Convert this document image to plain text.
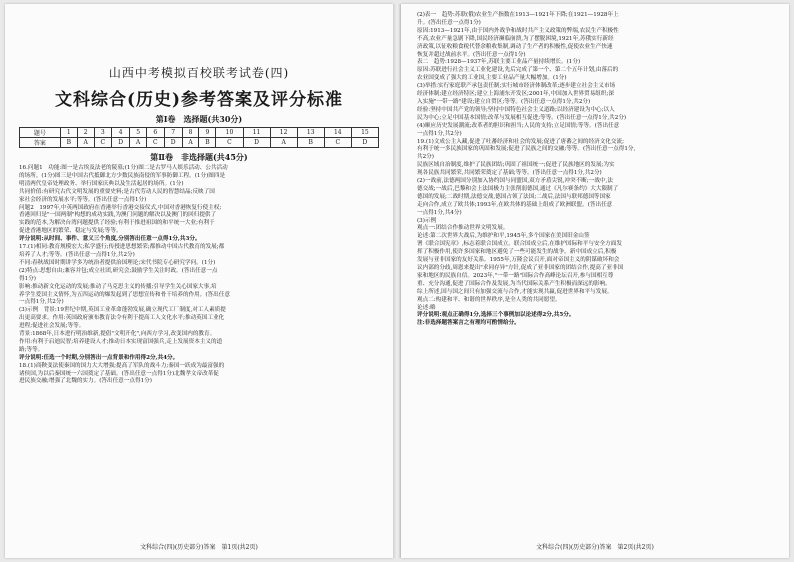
山西中考模拟百校联考试卷(四)
文科综合(历史)参考答案及评分标准
第Ⅰ卷　选择题(共30分)
题号	1	2	3	4	5	6	7	8	9	10	11	12	13	14	15
答案	B	A	C	D	A	C	D	A	B	C	D	A	B	C	D
第Ⅱ卷　非选择题(共45分)

16.问题1　功能:图一是古埃及法老的陵墓;(1分)图二是古罗马人娱乐活动、公共活动

的场所。(1分)图三是中国古代抵御北方少数民族南侵的军事防御工程。(1分)图四是

明清两代皇帝处理政务、举行国家庆典以及生活起居的场所。(1分)

共同价值:有研究古代文明发展的重要史料;是古代劳动人民的智慧结晶;反映了国

家社会经济的发展水平;等等。(答出任意一点得1分)

问题2　1997年,中英两国政府在香港举行香港交接仪式,中国对香港恢复行使主权;

香港回归是"一国两制"构想的成功实践,为澳门问题的解决以及澳门的回归提供了

实践的范本,为解决台湾问题提供了经验;有利于推进祖国的和平统一大业;有利于

促进香港地区的繁荣、稳定与发展;等等。

评分说明:从时间、事件、意义三个角度,分别答出任意一点得1分,共3分。

17.(1)相同:教育规模宏大;私学盛行;传授进思想繁荣;都推动中国古代教育的发展;都

培养了人才;等等。(答出任意一点得1分,共2分)

不同:春秋战国时期讲学多为统治者提供治国理论;宋代书院专心研究学问。(1分)

(2)特点:思想自由;兼容并包;成立社团,研究会;鼓励学生关注时政。(答出任意一点

得1分)

影响:推动新文化运动的发展;推动了马克思主义的传播;引导学生关心国家大事,培

养学生爱国主义情怀,为五四运动的爆发起到了思想宣传和骨干培养的作用。(答出任意

一点得1分,共2分)

(3)示例　背景:19世纪中期,英国工业革命蓬勃发展,确立现代工厂制度,对工人素质提

出更高要求。作用:英国政府颁布教育法令有利于提高工人文化水平;推动英国工业化

进程;促进社会发展;等等。

背景:1868年,日本进行明治维新,提倡"文明开化",向西方学习,改变国内的教育。

作用:有利于启迪民智;培养建设人才;推动日本实现富国强兵,走上发展资本主义的道

路;等等。

评分说明:任选一个时期,分别答出一点背景和作用得2分,共4分。

18.(1)商鞅变法使秦国的国力大大增强;提高了军队的战斗力;秦国一跃成为最富强的

诸侯国,为以后秦国统一六国奠定了基础。(答出任意一点得1分)北魏孝文帝改革促

进民族交融;增强了北魏的实力。(答出任意一点得1分)

文科综合(四)(历史部分)答案　第1页(共2页)

(2)表一　趋势:苏联(俄)农业生产指数在1913—1921年下降;在1921—1928年上

升。(答出任意一点得1分)

原因:1913—1921年,由于国内外战争和战时共产主义政策的弊端,农民生产积极性

不高,农业产量急剧下降,国民经济濒临崩溃,为了摆脱困境,1921年,苏俄实行新经

济政策,以征收粮食税代替余粮收集制,调动了生产者的积极性,促使农业生产快速

恢复并超过战前水平。(答出任意一点得1分)

表二　趋势:1928—1937年,苏联主要工业品产量持续增长。(1分)

原因:苏联进行社会主义工业化建设,先后完成了第一个、第二个五年计划,由落后的

农业国变成了强大的工业国,主要工业品产量大幅增加。(1分)

(3)举措:实行家庭联产承包责任制;实行城市经济体制改革;逐步建立社会主义市场

经济体制;建立经济特区;建立上海浦东开发区;2001年,中国加入世界贸易组织;深

入实施"一带一路"建设;建立自贸区;等等。(答出任意一点得1分,共2分)

经验:坚持中国共产党的领导;坚持中国特色社会主义道路;以经济建设为中心;以人

民为中心;立足中国基本国情;改革与发展相互促进;等等。(答出任意一点得1分,共2分)

(4)顺应历史发展潮流;改革者的胆识和担当;人民的支持;立足国情;等等。(答出任意

一点得1分,共2分)

19.(1)文成公主入藏,促进了吐蕃经济和社会的发展;促进了唐蕃之间的经济文化交流;

有利于统一多民族国家的巩固和发展;促进了民族之间的交融;等等。(答出任意一点得1分,

共2分)

民族区域自治制度,维护了民族团结;巩固了祖国统一;促进了民族地区的发展;为实

现各民族共同繁荣,共同繁荣奠定了基础;等等。(答出任意一点得1分,共2分)

(2)一战前,法德两国分别加入协约国与同盟国,双方矛盾尖锐,冲突不断;一战中,法

德交战;一战后,巴黎和会上法国极力主张削弱德国,通过《凡尔赛条约》大大限制了

德国的发展;二战时期,法德交战,德国占领了法国;二战后,法国与联邦德国等国家

走向合作,成立了欧共体;1993年,在欧共体的基础上组成了欧洲联盟。(答出任意

一点得1分,共4分)

(3)示例

观点一:团结合作推动世界文明发展。

论述:第二次世界大战后,为维护和平,1945年,多个国家在美国旧金山签

署《联合国宪章》,标志着联合国成立。联合国成立后,在维护国际和平与安全方面发

挥了积极作用,使许多国家和地区避免了一些可能发生的战争。新中国成立后,积极

发展与亚非国家的友好关系。1955年,万隆会议召开,面对帝国主义的阴谋破坏和会

议内部的分歧,周恩来提出"求同存异"方针,促成了亚非国家的团结合作,提高了亚非国

家和地区的民族自信。2023年,"一带一路"国际合作高峰论坛召开,参与国相互尊

重、充分沟通,促进了国际合作及发展,为当代国际关系产生积极而深远的影响。

综上所述,国与国之间只有加强交流与合作,才能实现共赢,促进世界和平与发展。

观点二:构建和平、和谐的世界秩序,是全人类的共同愿望。

论述:略

评分说明:观点正确得1分,选择三个事例加以论述得2分,共5分。

注:非选择题答案言之有理均可酌情给分。

文科综合(四)(历史部分)答案　第2页(共2页)
